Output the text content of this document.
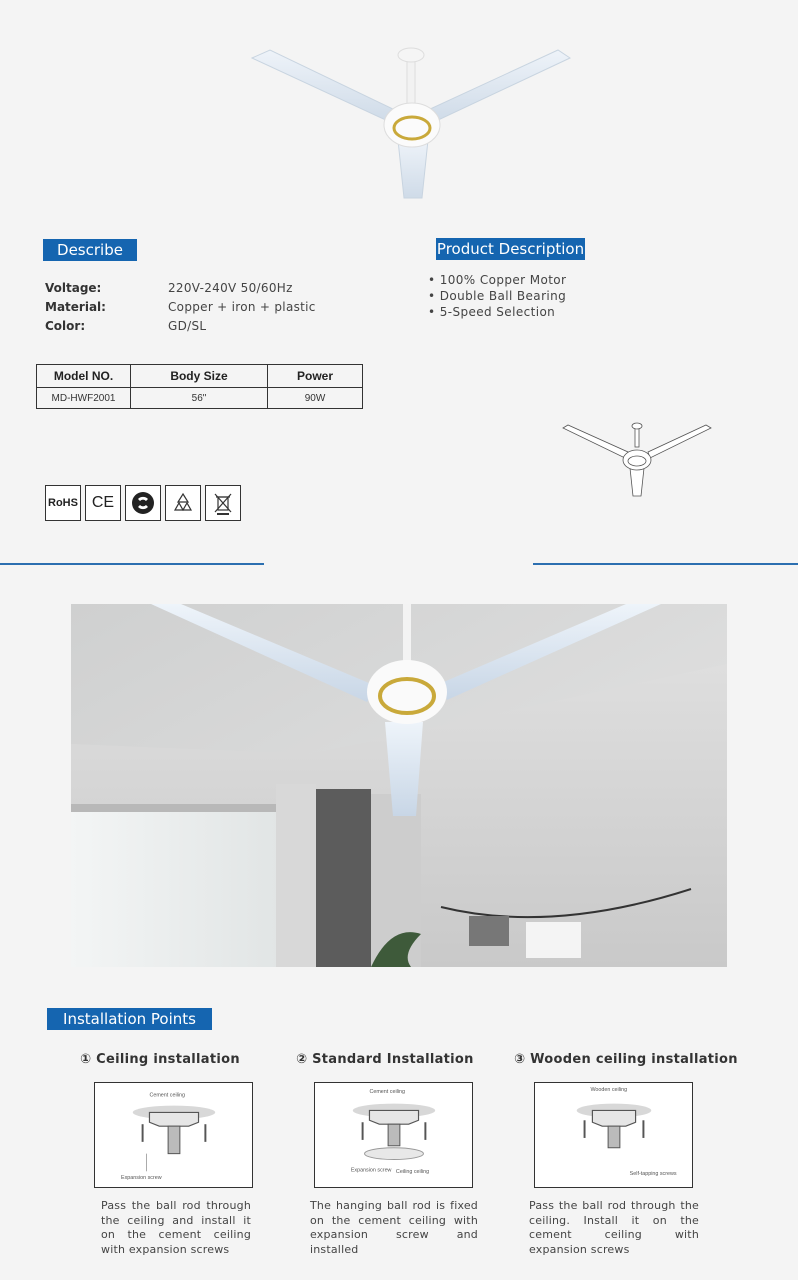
Describe
Voltage:	220V-240V 50/60Hz
Material:	Copper + iron + plastic
Color:	GD/SL
Product Description
• 100% Copper Motor
• Double Ball Bearing
• 5-Speed Selection
Model NO.	Body Size	Power
MD-HWF2001	56"	90W
RoHS CE
Installation Points
① Ceiling installation	② Standard Installation	③ Wooden ceiling installation
Cement ceiling
Expansion screw
Cement ceiling
Expansion screw Ceiling ceiling
Wooden ceiling
Self-tapping screws
Pass the ball rod through the ceiling and install it on the cement ceiling with expansion screws
The hanging ball rod is fixed on the cement ceiling with expansion screw and installed
Pass the ball rod through the ceiling. Install it on the cement ceiling with expansion screws
